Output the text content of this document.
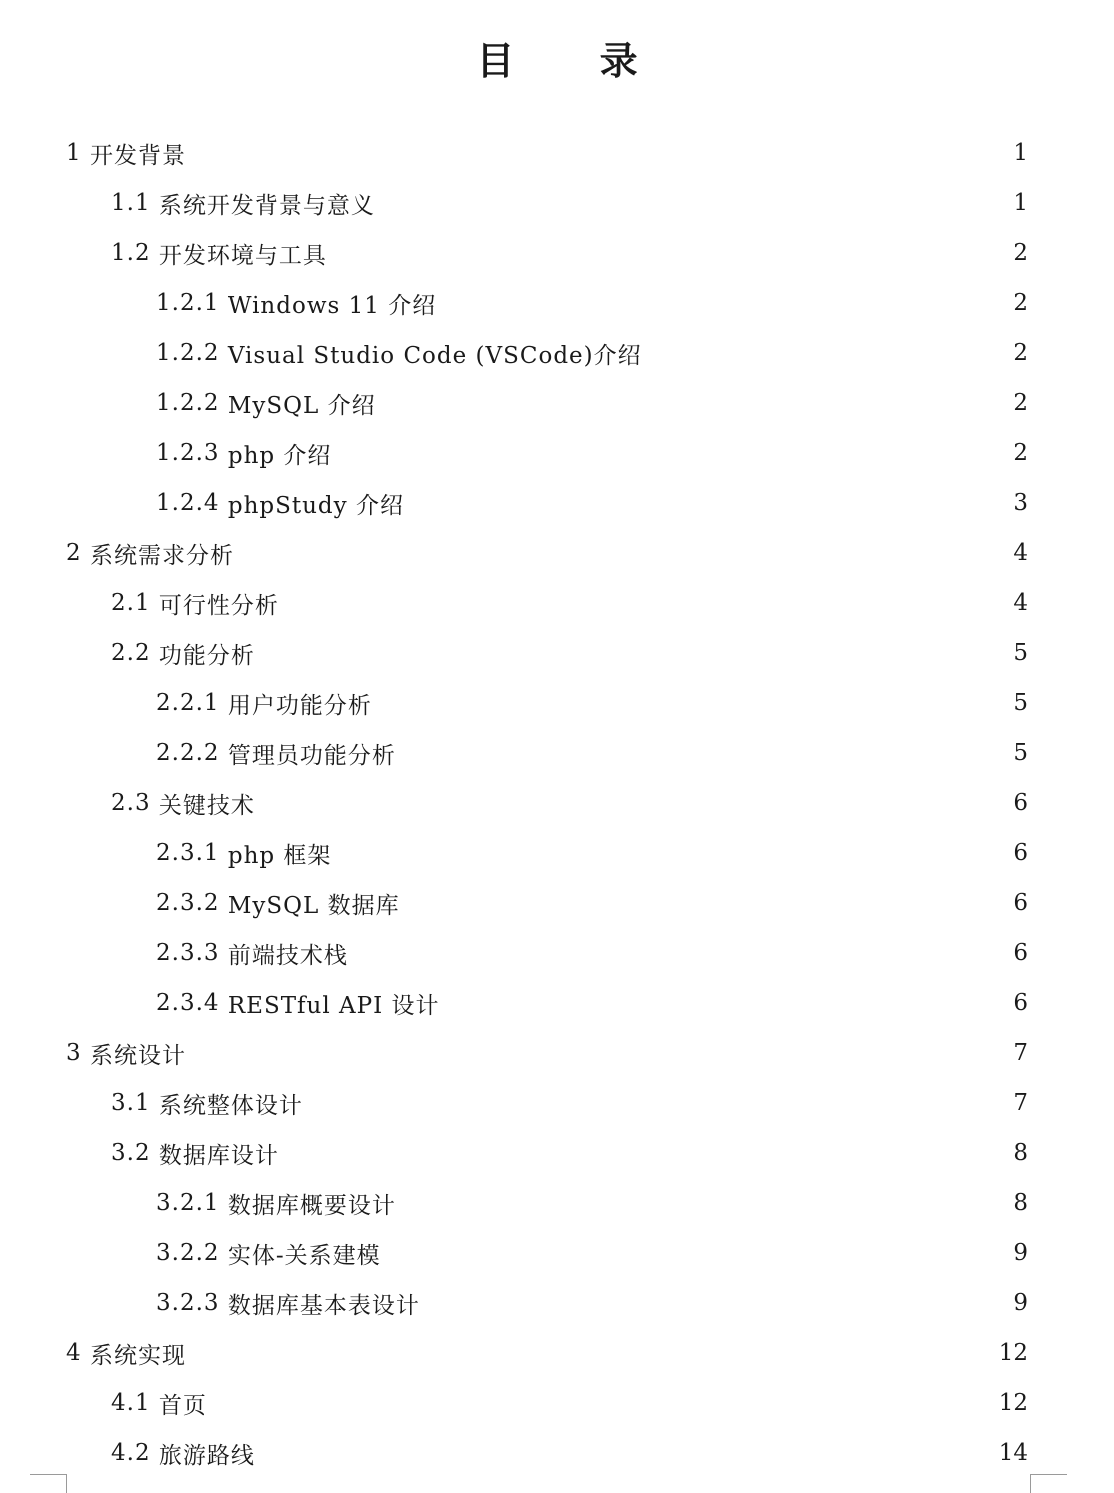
目 录
1 开发背景	1
1.1 系统开发背景与意义	1
1.2 开发环境与工具	2
1.2.1 Windows 11 介绍	2
1.2.2 Visual Studio Code (VSCode)介绍	2
1.2.2 MySQL 介绍	2
1.2.3 php 介绍	2
1.2.4 phpStudy 介绍	3
2 系统需求分析	4
2.1 可行性分析	4
2.2 功能分析	5
2.2.1 用户功能分析	5
2.2.2 管理员功能分析	5
2.3 关键技术	6
2.3.1 php 框架	6
2.3.2 MySQL 数据库	6
2.3.3 前端技术栈	6
2.3.4 RESTful API 设计	6
3 系统设计	7
3.1 系统整体设计	7
3.2 数据库设计	8
3.2.1 数据库概要设计	8
3.2.2 实体-关系建模	9
3.2.3 数据库基本表设计	9
4 系统实现	12
4.1 首页	12
4.2 旅游路线	14
